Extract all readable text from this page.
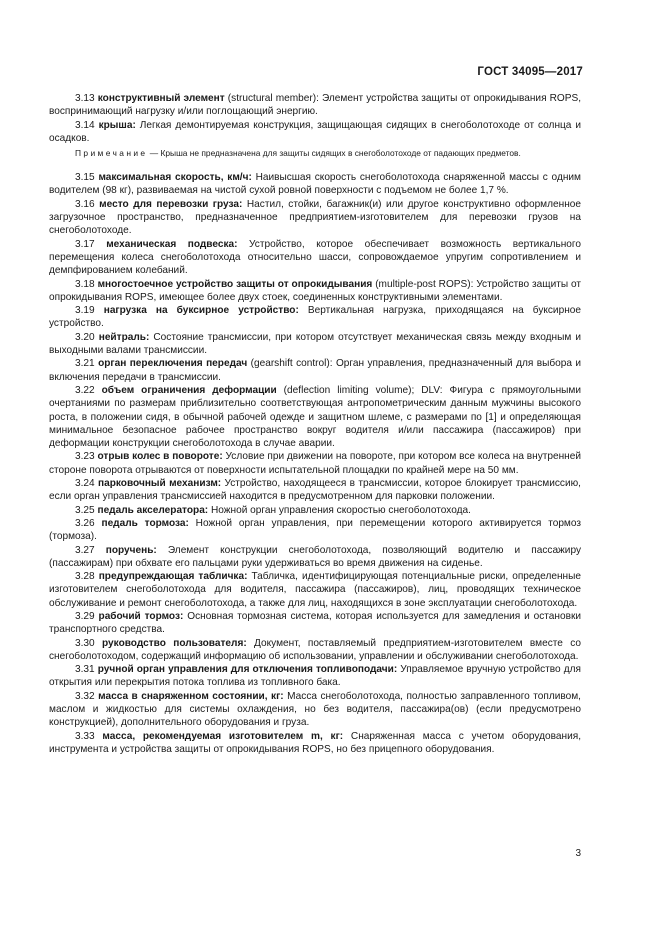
ГОСТ 34095—2017

3.13 конструктивный элемент (structural member): Элемент устройства защиты от опрокидывания ROPS, воспринимающий нагрузку и/или поглощающий энергию.

3.14 крыша: Легкая демонтируемая конструкция, защищающая сидящих в снегоболотоходе от солнца и осадков.

Примечание — Крыша не предназначена для защиты сидящих в снегоболотоходе от падающих предметов.

3.15 максимальная скорость, км/ч: Наивысшая скорость снегоболотохода снаряженной массы с одним водителем (98 кг), развиваемая на чистой сухой ровной поверхности с подъемом не более 1,7 %.

3.16 место для перевозки груза: Настил, стойки, багажник(и) или другое конструктивно оформленное загрузочное пространство, предназначенное предприятием-изготовителем для перевозки грузов на снегоболотоходе.

3.17 механическая подвеска: Устройство, которое обеспечивает возможность вертикального перемещения колеса снегоболотохода относительно шасси, сопровождаемое упругим сопротивлением и демпфированием колебаний.

3.18 многостоечное устройство защиты от опрокидывания (multiple-post ROPS): Устройство защиты от опрокидывания ROPS, имеющее более двух стоек, соединенных конструктивными элементами.

3.19 нагрузка на буксирное устройство: Вертикальная нагрузка, приходящаяся на буксирное устройство.

3.20 нейтраль: Состояние трансмиссии, при котором отсутствует механическая связь между входным и выходными валами трансмиссии.

3.21 орган переключения передач (gearshift control): Орган управления, предназначенный для выбора и включения передачи в трансмиссии.

3.22 объем ограничения деформации (deflection limiting volume); DLV: Фигура с прямоугольными очертаниями по размерам приблизительно соответствующая антропометрическим данным мужчины высокого роста, в положении сидя, в обычной рабочей одежде и защитном шлеме, с размерами по [1] и определяющая минимальное безопасное рабочее пространство вокруг водителя и/или пассажира (пассажиров) при деформации конструкции снегоболотохода в случае аварии.

3.23 отрыв колес в повороте: Условие при движении на повороте, при котором все колеса на внутренней стороне поворота отрываются от поверхности испытательной площадки по крайней мере на 50 мм.

3.24 парковочный механизм: Устройство, находящееся в трансмиссии, которое блокирует трансмиссию, если орган управления трансмиссией находится в предусмотренном для парковки положении.

3.25 педаль акселератора: Ножной орган управления скоростью снегоболотохода.

3.26 педаль тормоза: Ножной орган управления, при перемещении которого активируется тормоз (тормоза).

3.27 поручень: Элемент конструкции снегоболотохода, позволяющий водителю и пассажиру (пассажирам) при обхвате его пальцами руки удерживаться во время движения на сиденье.

3.28 предупреждающая табличка: Табличка, идентифицирующая потенциальные риски, определенные изготовителем снегоболотохода для водителя, пассажира (пассажиров), лиц, проводящих техническое обслуживание и ремонт снегоболотохода, а также для лиц, находящихся в зоне эксплуатации снегоболотохода.

3.29 рабочий тормоз: Основная тормозная система, которая используется для замедления и остановки транспортного средства.

3.30 руководство пользователя: Документ, поставляемый предприятием-изготовителем вместе со снегоболотоходом, содержащий информацию об использовании, управлении и обслуживании снегоболотохода.

3.31 ручной орган управления для отключения топливоподачи: Управляемое вручную устройство для открытия или перекрытия потока топлива из топливного бака.

3.32 масса в снаряженном состоянии, кг: Масса снегоболотохода, полностью заправленного топливом, маслом и жидкостью для системы охлаждения, но без водителя, пассажира(ов) (если предусмотрено конструкцией), дополнительного оборудования и груза.

3.33 масса, рекомендуемая изготовителем m, кг: Снаряженная масса с учетом оборудования, инструмента и устройства защиты от опрокидывания ROPS, но без прицепного оборудования.

3
